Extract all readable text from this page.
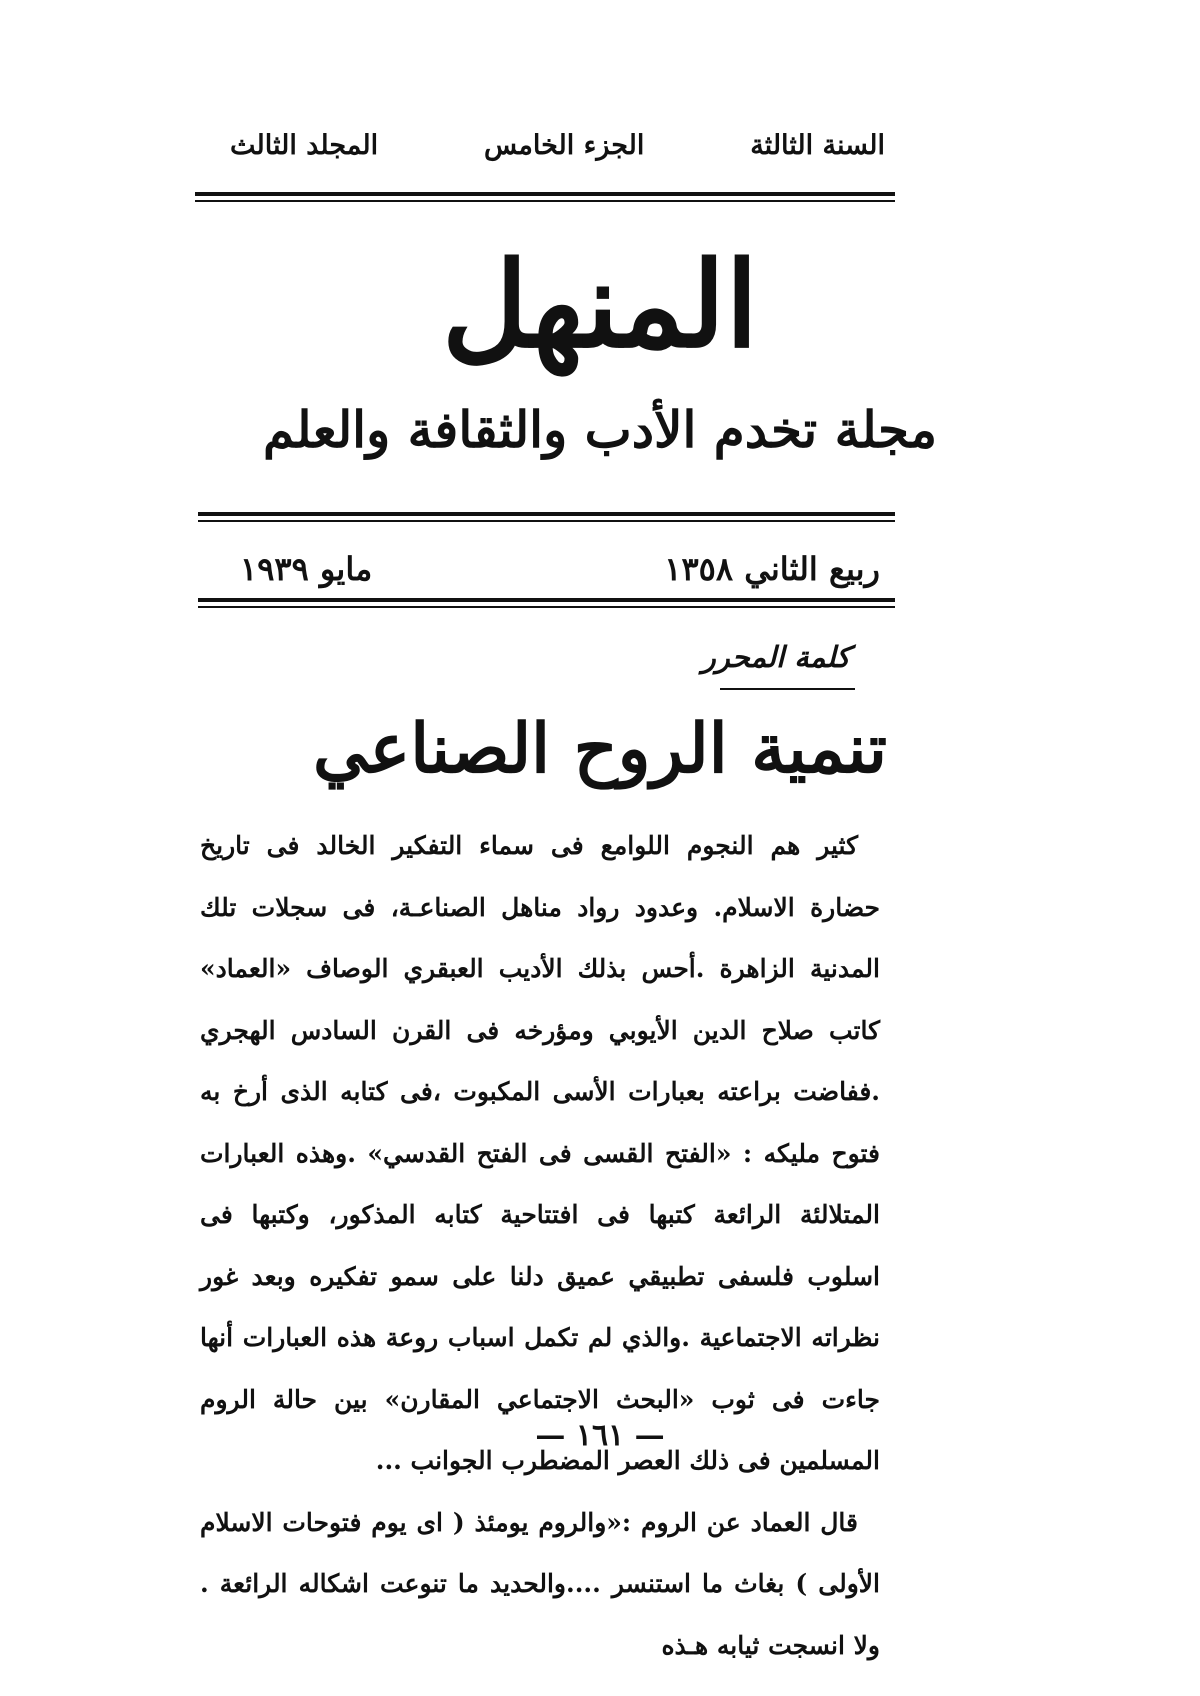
السنة الثالثة
الجزء الخامس
المجلد الثالث
المنهل
مجلة تخدم الأدب والثقافة والعلم
ربيع الثاني ١٣٥٨
مايو ١٩٣٩
كلمة المحرر
تنمية الروح الصناعي

كثير هم النجوم اللوامع فى سماء التفكير الخالد فى تاريخ حضارة الاسلام. وعدود رواد مناهل الصناعـة، فى سجلات تلك المدنية الزاهرة .أحس بذلك الأديب العبقري الوصاف «العماد» كاتب صلاح الدين الأيوبي ومؤرخه فى القرن السادس الهجري .ففاضت براعته بعبارات الأسى المكبوت ،فى كتابه الذى أرخ به فتوح مليكه : «الفتح القسى فى الفتح القدسي» .وهذه العبارات المتلالئة الرائعة كتبها فى افتتاحية كتابه المذكور، وكتبها فى اسلوب فلسفى تطبيقي عميق دلنا على سمو تفكيره وبعد غور نظراته الاجتماعية .والذي لم تكمل اسباب روعة هذه العبارات أنها جاءت فى ثوب «البحث الاجتماعي المقارن» بين حالة الروم المسلمين فى ذلك العصر المضطرب الجوانب ...

قال العماد عن الروم :«والروم يومئذ ( اى يوم فتوحات الاسلام الأولى ) بغاث ما استنسر ....والحديد ما تنوعت اشكاله الرائعة . ولا انسجت ثيابه هـذه

— ١٦١ —
